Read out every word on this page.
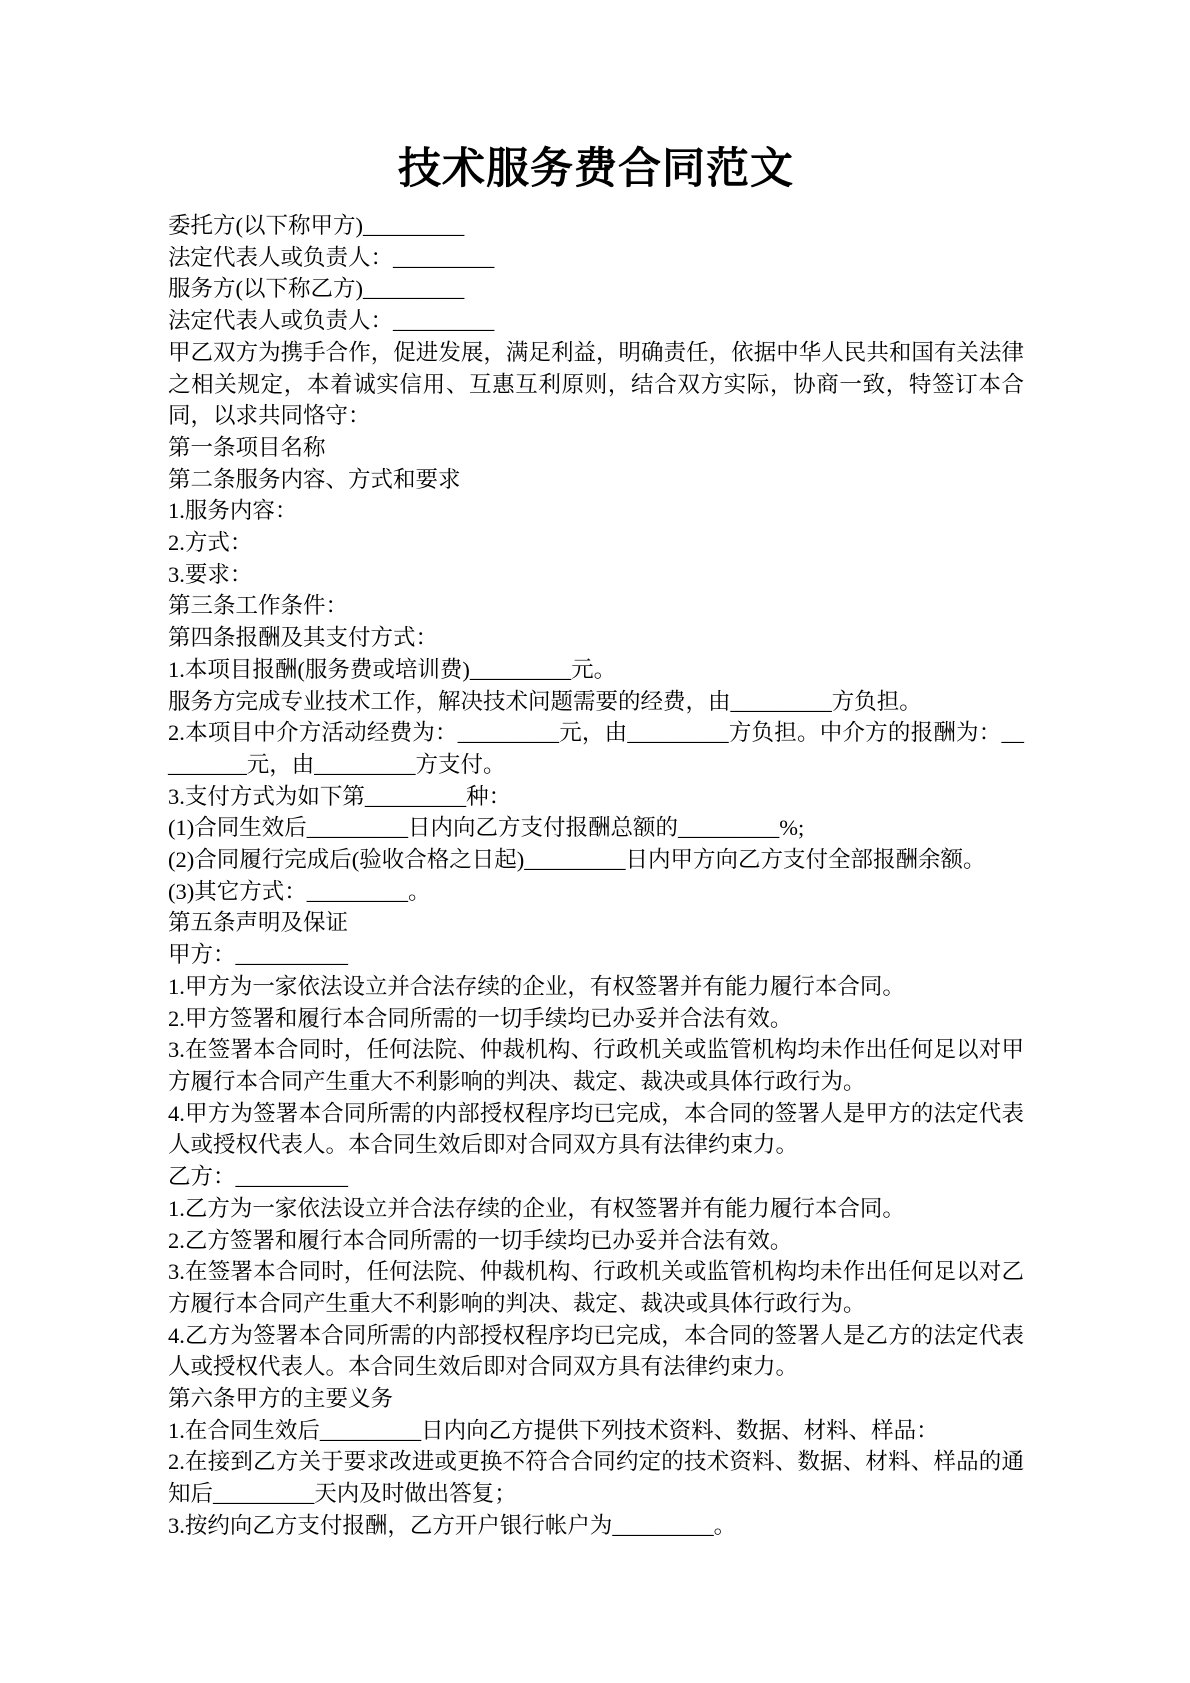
技术服务费合同范文

委托方(以下称甲方)_________

法定代表人或负责人：_________

服务方(以下称乙方)_________

法定代表人或负责人：_________

甲乙双方为携手合作，促进发展，满足利益，明确责任，依据中华人民共和国有关法律之相关规定，本着诚实信用、互惠互利原则，结合双方实际，协商一致，特签订本合同，以求共同恪守：

第一条项目名称

第二条服务内容、方式和要求

1.服务内容：

2.方式：

3.要求：

第三条工作条件：

第四条报酬及其支付方式：

1.本项目报酬(服务费或培训费)_________元。

服务方完成专业技术工作，解决技术问题需要的经费，由_________方负担。

2.本项目中介方活动经费为：_________元，由_________方负担。中介方的报酬为：_________元，由_________方支付。

3.支付方式为如下第_________种：

(1)合同生效后_________日内向乙方支付报酬总额的_________%;

(2)合同履行完成后(验收合格之日起)_________日内甲方向乙方支付全部报酬余额。

(3)其它方式：_________。

第五条声明及保证

甲方：__________

1.甲方为一家依法设立并合法存续的企业，有权签署并有能力履行本合同。

2.甲方签署和履行本合同所需的一切手续均已办妥并合法有效。

3.在签署本合同时，任何法院、仲裁机构、行政机关或监管机构均未作出任何足以对甲方履行本合同产生重大不利影响的判决、裁定、裁决或具体行政行为。

4.甲方为签署本合同所需的内部授权程序均已完成，本合同的签署人是甲方的法定代表人或授权代表人。本合同生效后即对合同双方具有法律约束力。

乙方：__________

1.乙方为一家依法设立并合法存续的企业，有权签署并有能力履行本合同。

2.乙方签署和履行本合同所需的一切手续均已办妥并合法有效。

3.在签署本合同时，任何法院、仲裁机构、行政机关或监管机构均未作出任何足以对乙方履行本合同产生重大不利影响的判决、裁定、裁决或具体行政行为。

4.乙方为签署本合同所需的内部授权程序均已完成，本合同的签署人是乙方的法定代表人或授权代表人。本合同生效后即对合同双方具有法律约束力。

第六条甲方的主要义务

1.在合同生效后_________日内向乙方提供下列技术资料、数据、材料、样品：

2.在接到乙方关于要求改进或更换不符合合同约定的技术资料、数据、材料、样品的通知后_________天内及时做出答复；

3.按约向乙方支付报酬，乙方开户银行帐户为_________。
